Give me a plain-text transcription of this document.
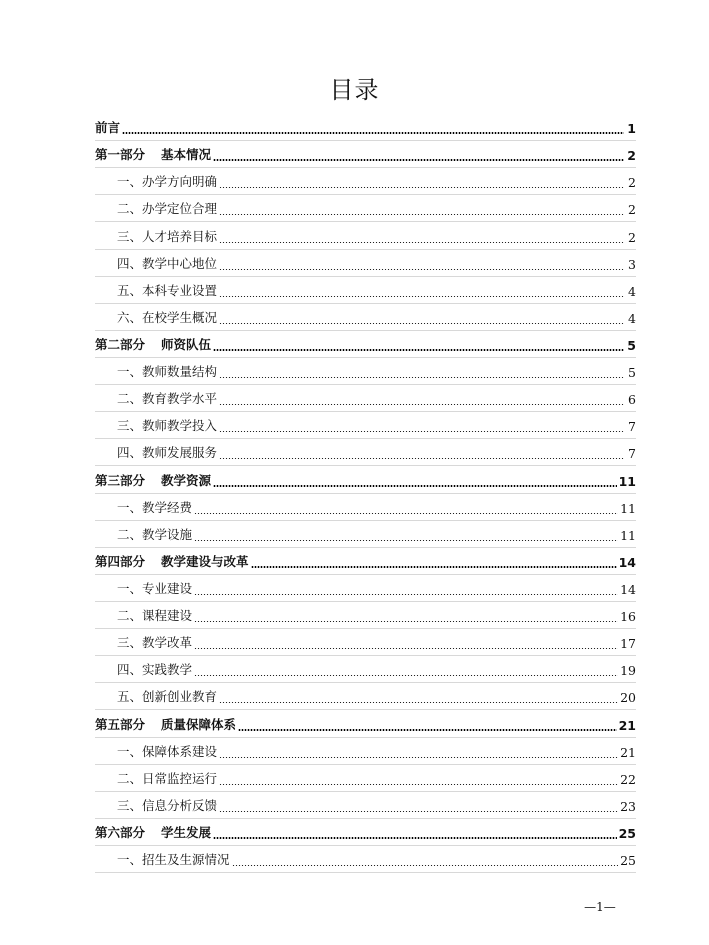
目录
前言	1
第一部分 基本情况	2
一、办学方向明确	2
二、办学定位合理	2
三、人才培养目标	2
四、教学中心地位	3
五、本科专业设置	4
六、在校学生概况	4
第二部分 师资队伍	5
一、教师数量结构	5
二、教育教学水平	6
三、教师教学投入	7
四、教师发展服务	7
第三部分 教学资源	11
一、教学经费	11
二、教学设施	11
第四部分 教学建设与改革	14
一、专业建设	14
二、课程建设	16
三、教学改革	17
四、实践教学	19
五、创新创业教育	20
第五部分 质量保障体系	21
一、保障体系建设	21
二、日常监控运行	22
三、信息分析反馈	23
第六部分 学生发展	25
一、招生及生源情况	25
—1—
